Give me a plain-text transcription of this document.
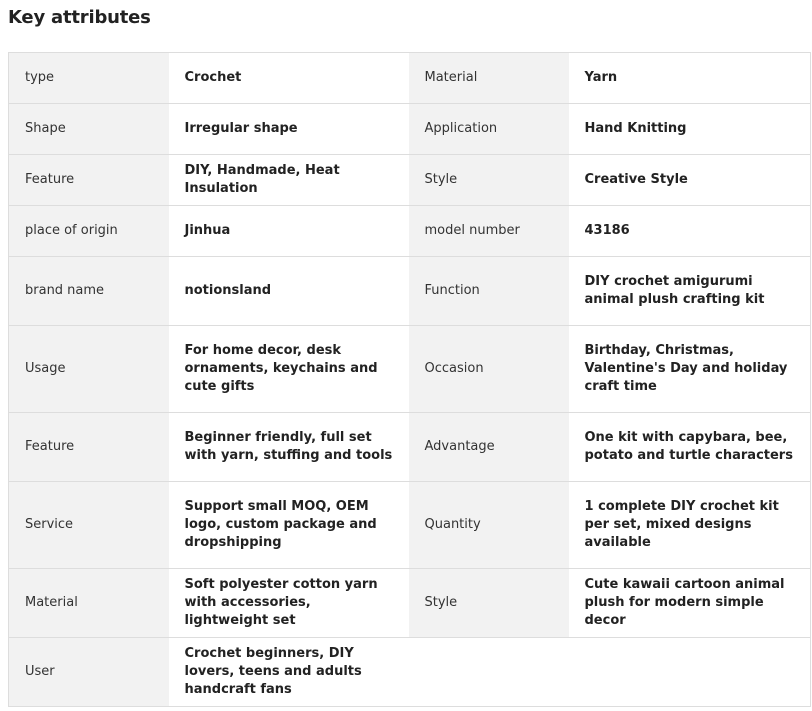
Key attributes
type	Crochet	Material	Yarn
Shape	Irregular shape	Application	Hand Knitting
Feature	DIY, Handmade, Heat Insulation	Style	Creative Style
place of origin	Jinhua	model number	43186
brand name	notionsland	Function	DIY crochet amigurumi animal plush crafting kit
Usage	For home decor, desk ornaments, keychains and cute gifts	Occasion	Birthday, Christmas, Valentine's Day and holiday craft time
Feature	Beginner friendly, full set with yarn, stuffing and tools	Advantage	One kit with capybara, bee, potato and turtle characters
Service	Support small MOQ, OEM logo, custom package and dropshipping	Quantity	1 complete DIY crochet kit per set, mixed designs available
Material	Soft polyester cotton yarn with accessories, lightweight set	Style	Cute kawaii cartoon animal plush for modern simple decor
User	Crochet beginners, DIY lovers, teens and adults handcraft fans		
